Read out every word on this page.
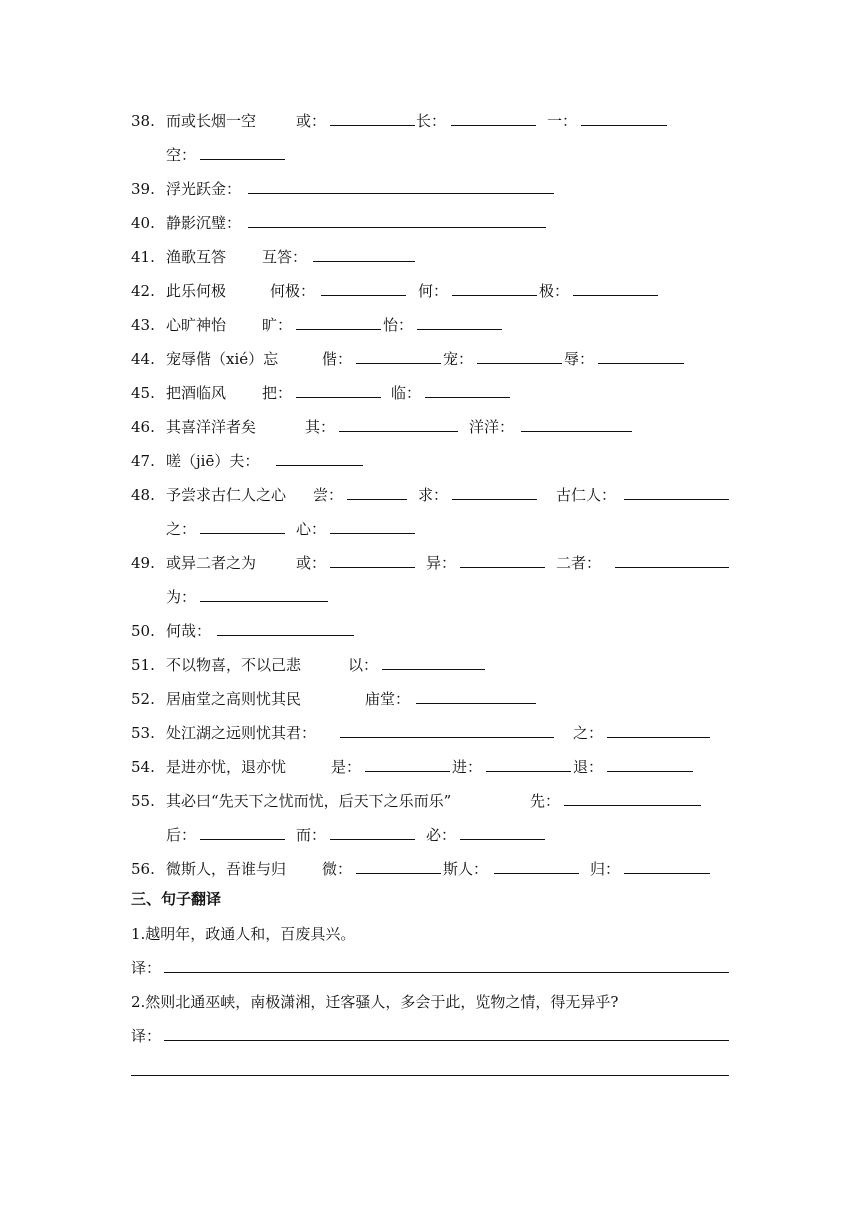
38. 而或长烟一空	或：	长：	一：
空：
39. 浮光跃金：
40. 静影沉璧：
41. 渔歌互答 互答：
42. 此乐何极	何极：	何：	极：
43. 心旷神怡 旷：	怡：
44. 宠辱偕（xié）忘	偕：	宠：	辱：
45. 把酒临风 把：	临：
46. 其喜洋洋者矣	其：	洋洋：
47. 嗟（jiē）夫：
48. 予尝求古仁人之心 尝：	求：	古仁人：
之：	心：
49. 或异二者之为	或：	异：	二者：
为：
50. 何哉：
51. 不以物喜，不以己悲	以：
52. 居庙堂之高则忧其民	庙堂：
53. 处江湖之远则忧其君：	之：
54. 是进亦忧，退亦忧	是：	进：	退：
55. 其必曰“先天下之忧而忧，后天下之乐而乐”	先：
后：	而：	必：
56. 微斯人，吾谁与归 微：	斯人：	归：
三、句子翻译
1.越明年，政通人和，百废具兴。
译：
2.然则北通巫峡，南极潇湘，迁客骚人，多会于此，览物之情，得无异乎?
译：
